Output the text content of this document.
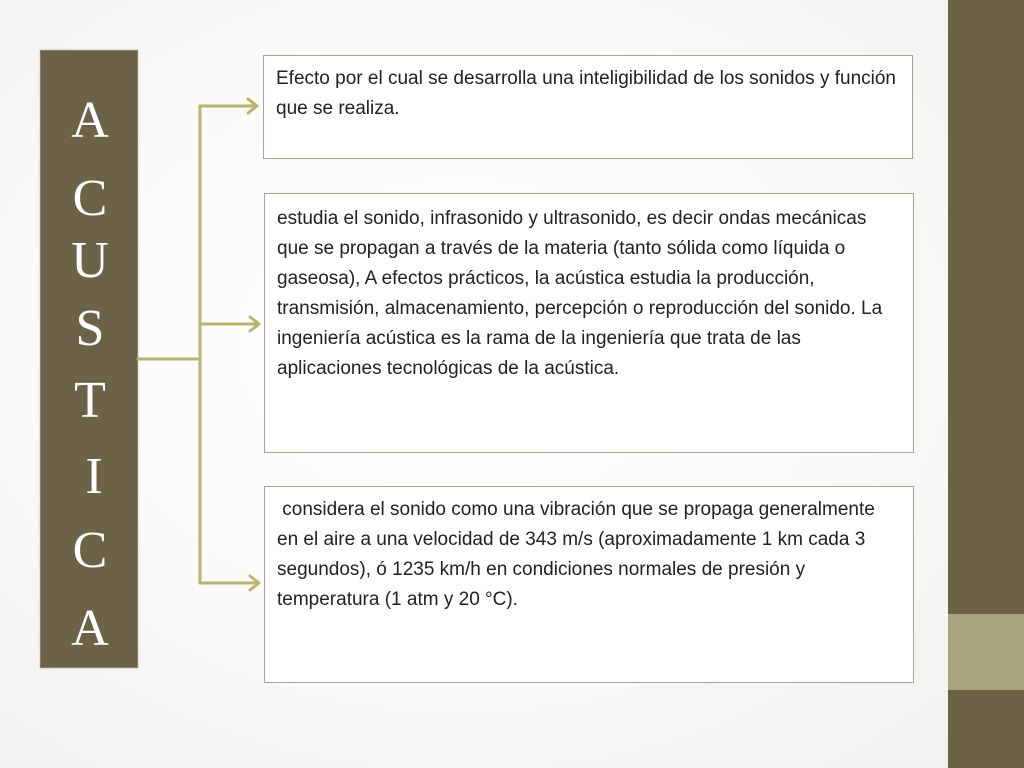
A
C
U
S
T
I
C
A

Efecto por el cual se desarrolla una inteligibilidad de los sonidos y función que se realiza.

estudia el sonido, infrasonido y ultrasonido, es decir ondas mecánicas que se propagan a través de la materia (tanto sólida como líquida o gaseosa), A efectos prácticos, la acústica estudia la producción, transmisión, almacenamiento, percepción o reproducción del sonido. La ingeniería acústica es la rama de la ingeniería que trata de las aplicaciones tecnológicas de la acústica.

considera el sonido como una vibración que se propaga generalmente en el aire a una velocidad de 343 m/s (aproximadamente 1 km cada 3 segundos), ó 1235 km/h en condiciones normales de presión y temperatura (1 atm y 20 °C).
